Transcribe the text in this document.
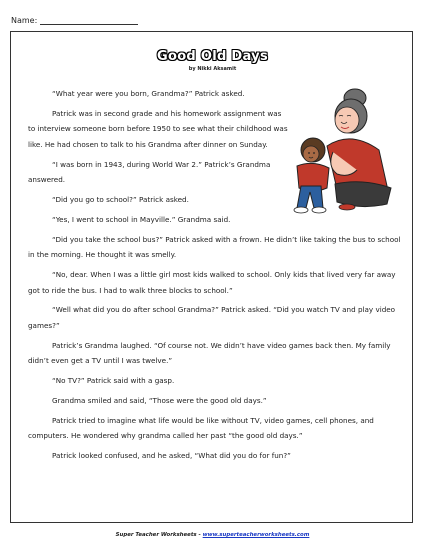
Name:
Good Old Days
by Nikki Aksamit

“What year were you born, Grandma?” Patrick asked.

Patrick was in second grade and his homework assignment was to interview someone born before 1950 to see what their childhood was like. He had chosen to talk to his Grandma after dinner on Sunday.

“I was born in 1943, during World War 2.” Patrick’s Grandma answered.

“Did you go to school?” Patrick asked.

“Yes, I went to school in Mayville.” Grandma said.

“Did you take the school bus?” Patrick asked with a frown. He didn’t like taking the bus to school in the morning. He thought it was smelly.

“No, dear. When I was a little girl most kids walked to school. Only kids that lived very far away got to ride the bus. I had to walk three blocks to school.”

“Well what did you do after school Grandma?” Patrick asked. “Did you watch TV and play video games?”

Patrick’s Grandma laughed. “Of course not. We didn’t have video games back then. My family didn’t even get a TV until I was twelve.”

“No TV?” Patrick said with a gasp.

Grandma smiled and said, “Those were the good old days.”

Patrick tried to imagine what life would be like without TV, video games, cell phones, and computers. He wondered why grandma called her past “the good old days.”

Patrick looked confused, and he asked, “What did you do for fun?”

Super Teacher Worksheets - www.superteacherworksheets.com
